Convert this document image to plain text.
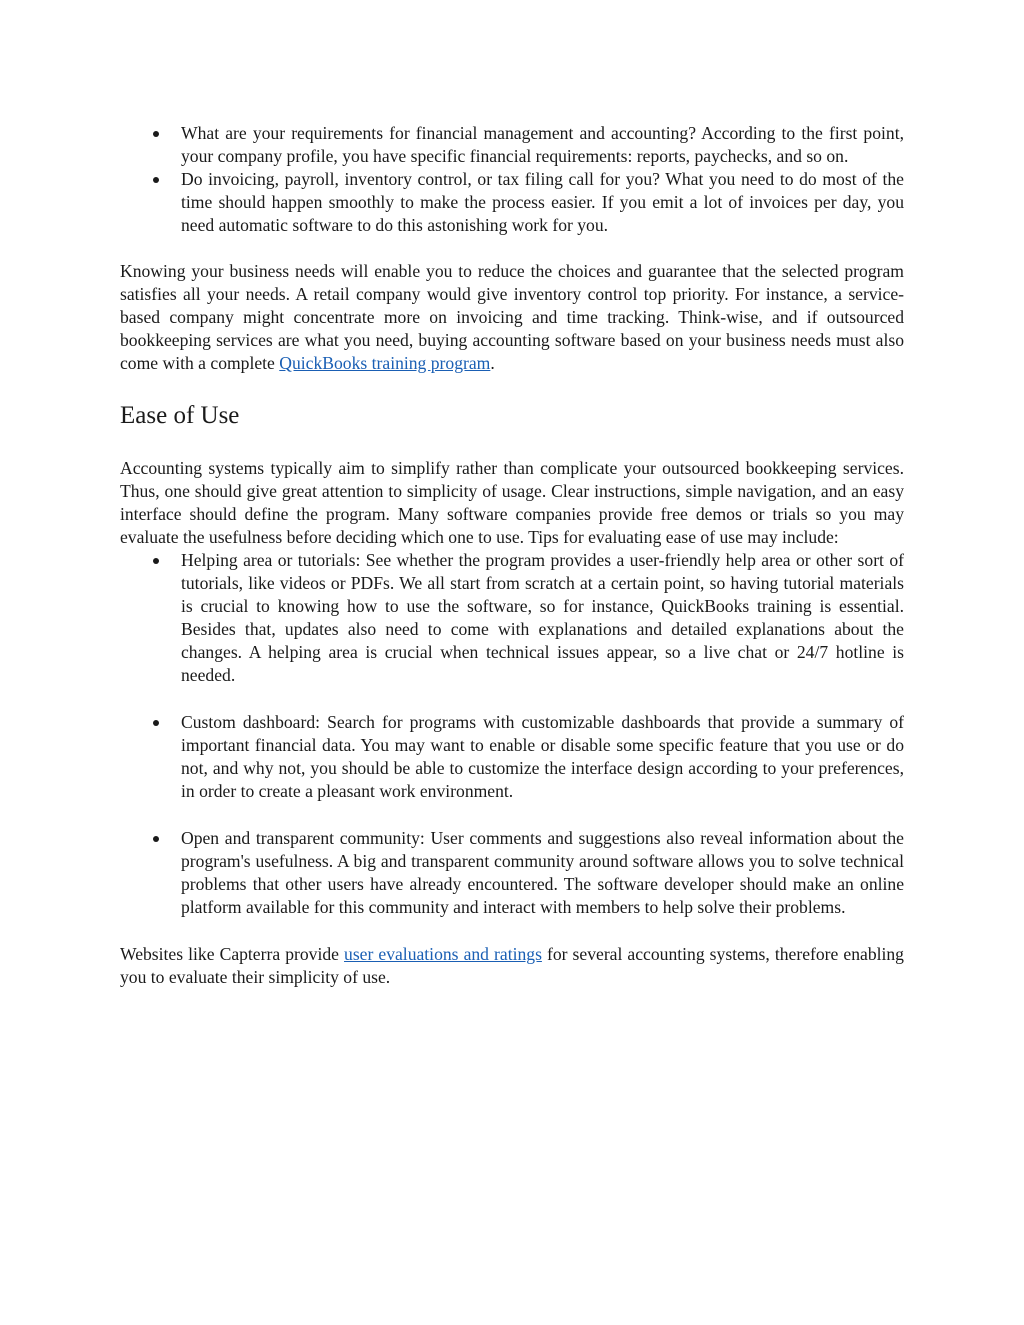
What are your requirements for financial management and accounting? According to the first point, your company profile, you have specific financial requirements: reports, paychecks, and so on.
Do invoicing, payroll, inventory control, or tax filing call for you? What you need to do most of the time should happen smoothly to make the process easier. If you emit a lot of invoices per day, you need automatic software to do this astonishing work for you.

Knowing your business needs will enable you to reduce the choices and guarantee that the selected program satisfies all your needs. A retail company would give inventory control top priority. For instance, a service-based company might concentrate more on invoicing and time tracking. Think-wise, and if outsourced bookkeeping services are what you need, buying accounting software based on your business needs must also come with a complete QuickBooks training program.

Ease of Use

Accounting systems typically aim to simplify rather than complicate your outsourced bookkeeping services. Thus, one should give great attention to simplicity of usage. Clear instructions, simple navigation, and an easy interface should define the program. Many software companies provide free demos or trials so you may evaluate the usefulness before deciding which one to use. Tips for evaluating ease of use may include:

Helping area or tutorials: See whether the program provides a user-friendly help area or other sort of tutorials, like videos or PDFs. We all start from scratch at a certain point, so having tutorial materials is crucial to knowing how to use the software, so for instance, QuickBooks training is essential. Besides that, updates also need to come with explanations and detailed explanations about the changes. A helping area is crucial when technical issues appear, so a live chat or 24/7 hotline is needed.
Custom dashboard: Search for programs with customizable dashboards that provide a summary of important financial data. You may want to enable or disable some specific feature that you use or do not, and why not, you should be able to customize the interface design according to your preferences, in order to create a pleasant work environment.
Open and transparent community: User comments and suggestions also reveal information about the program's usefulness. A big and transparent community around software allows you to solve technical problems that other users have already encountered. The software developer should make an online platform available for this community and interact with members to help solve their problems.

Websites like Capterra provide user evaluations and ratings for several accounting systems, therefore enabling you to evaluate their simplicity of use.
